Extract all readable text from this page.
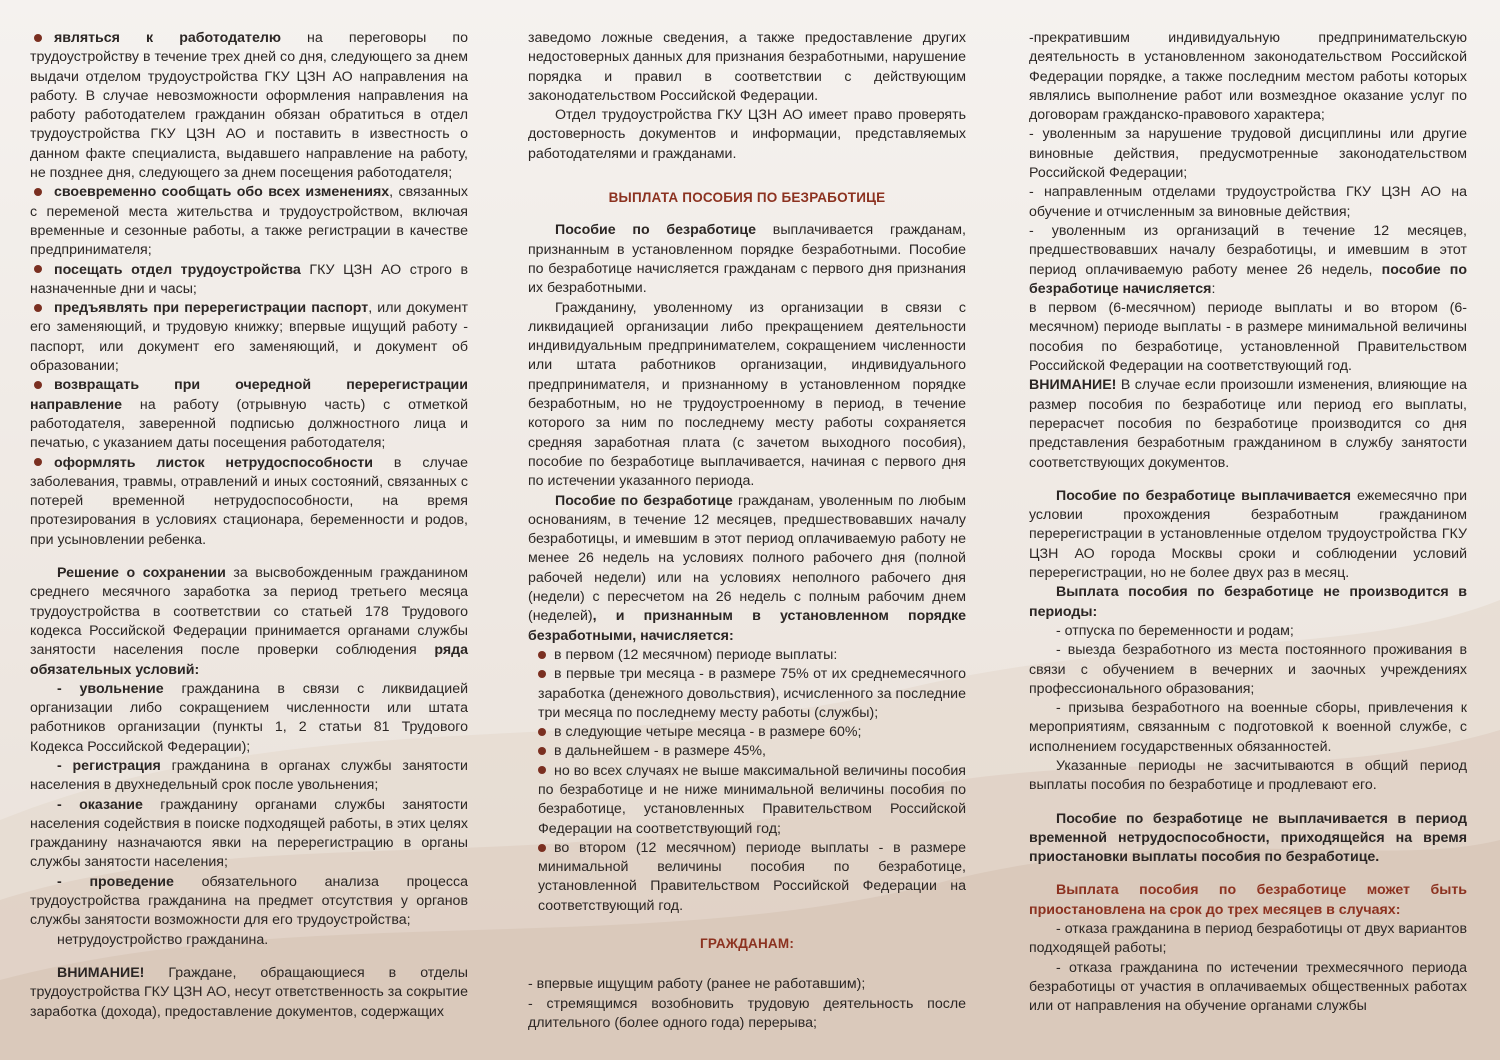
являться к работодателю на переговоры по трудоустройству в течение трех дней со дня, следующего за днем выдачи отделом трудоустройства ГКУ ЦЗН АО направления на работу. В случае невозможности оформления направления на работу работодателем гражданин обязан обратиться в отдел трудоустройства ГКУ ЦЗН АО и поставить в известность о данном факте специалиста, выдавшего направление на работу, не позднее дня, следующего за днем посещения работодателя;

своевременно сообщать обо всех изменениях, связанных с переменой места жительства и трудоустройством, включая временные и сезонные работы, а также регистрации в качестве предпринимателя;

посещать отдел трудоустройства ГКУ ЦЗН АО строго в назначенные дни и часы;

предъявлять при перерегистрации паспорт, или документ его заменяющий, и трудовую книжку; впервые ищущий работу - паспорт, или документ его заменяющий, и документ об образовании;

возвращать при очередной перерегистрации направление на работу (отрывную часть) с отметкой работодателя, заверенной подписью должностного лица и печатью, с указанием даты посещения работодателя;

оформлять листок нетрудоспособности в случае заболевания, травмы, отравлений и иных состояний, связанных с потерей временной нетрудоспособности, на время протезирования в условиях стационара, беременности и родов, при усыновлении ребенка.

Решение о сохранении за высвобожденным гражданином среднего месячного заработка за период третьего месяца трудоустройства в соответствии со статьей 178 Трудового кодекса Российской Федерации принимается органами службы занятости населения после проверки соблюдения ряда обязательных условий:

- увольнение гражданина в связи с ликвидацией организации либо сокращением численности или штата работников организации (пункты 1, 2 статьи 81 Трудового Кодекса Российской Федерации);

- регистрация гражданина в органах службы занятости населения в двухнедельный срок после увольнения;

- оказание гражданину органами службы занятости населения содействия в поиске подходящей работы, в этих целях гражданину назначаются явки на перерегистрацию в органы службы занятости населения;

- проведение обязательного анализа процесса трудоустройства гражданина на предмет отсутствия у органов службы занятости возможности для его трудоустройства;

нетрудоустройство гражданина.

ВНИМАНИЕ! Граждане, обращающиеся в отделы трудоустройства ГКУ ЦЗН АО, несут ответственность за сокрытие заработка (дохода), предоставление документов, содержащих

заведомо ложные сведения, а также предоставление других недостоверных данных для признания безработными, нарушение порядка и правил в соответствии с действующим законодательством Российской Федерации.

Отдел трудоустройства ГКУ ЦЗН АО имеет право проверять достоверность документов и информации, представляемых работодателями и гражданами.

ВЫПЛАТА ПОСОБИЯ ПО БЕЗРАБОТИЦЕ

Пособие по безработице выплачивается гражданам, признанным в установленном порядке безработными. Пособие по безработице начисляется гражданам с первого дня признания их безработными.

Гражданину, уволенному из организации в связи с ликвидацией организации либо прекращением деятельности индивидуальным предпринимателем, сокращением численности или штата работников организации, индивидуального предпринимателя, и признанному в установленном порядке безработным, но не трудоустроенному в период, в течение которого за ним по последнему месту работы сохраняется средняя заработная плата (с зачетом выходного пособия), пособие по безработице выплачивается, начиная с первого дня по истечении указанного периода.

Пособие по безработице гражданам, уволенным по любым основаниям, в течение 12 месяцев, предшествовавших началу безработицы, и имевшим в этот период оплачиваемую работу не менее 26 недель на условиях полного рабочего дня (полной рабочей недели) или на условиях неполного рабочего дня (недели) с пересчетом на 26 недель с полным рабочим днем (неделей), и признанным в установленном порядке безработными, начисляется:

в первом (12 месячном) периоде выплаты:

в первые три месяца - в размере 75% от их среднемесячного заработка (денежного довольствия), исчисленного за последние три месяца по последнему месту работы (службы);

в следующие четыре месяца - в размере 60%;

в дальнейшем - в размере 45%,

но во всех случаях не выше максимальной величины пособия по безработице и не ниже минимальной величины пособия по безработице, установленных Правительством Российской Федерации на соответствующий год;

во втором (12 месячном) периоде выплаты - в размере минимальной величины пособия по безработице, установленной Правительством Российской Федерации на соответствующий год.

ГРАЖДАНАМ:

- впервые ищущим работу (ранее не работавшим);

- стремящимся возобновить трудовую деятельность после длительного (более одного года) перерыва;

-прекратившим индивидуальную предпринимательскую деятельность в установленном законодательством Российской Федерации порядке, а также последним местом работы которых являлись выполнение работ или возмездное оказание услуг по договорам гражданско-правового характера;

- уволенным за нарушение трудовой дисциплины или другие виновные действия, предусмотренные законодательством Российской Федерации;

- направленным отделами трудоустройства ГКУ ЦЗН АО на обучение и отчисленным за виновные действия;

- уволенным из организаций в течение 12 месяцев, предшествовавших началу безработицы, и имевшим в этот период оплачиваемую работу менее 26 недель, пособие по безработице начисляется:

в первом (6-месячном) периоде выплаты и во втором (6-месячном) периоде выплаты - в размере минимальной величины пособия по безработице, установленной Правительством Российской Федерации на соответствующий год.

ВНИМАНИЕ! В случае если произошли изменения, влияющие на размер пособия по безработице или период его выплаты, перерасчет пособия по безработице производится со дня представления безработным гражданином в службу занятости соответствующих документов.

Пособие по безработице выплачивается ежемесячно при условии прохождения безработным гражданином перерегистрации в установленные отделом трудоустройства ГКУ ЦЗН АО города Москвы сроки и соблюдении условий перерегистрации, но не более двух раз в месяц.

Выплата пособия по безработице не производится в периоды:

- отпуска по беременности и родам;

- выезда безработного из места постоянного проживания в связи с обучением в вечерних и заочных учреждениях профессионального образования;

- призыва безработного на военные сборы, привлечения к мероприятиям, связанным с подготовкой к военной службе, с исполнением государственных обязанностей.

Указанные периоды не засчитываются в общий период выплаты пособия по безработице и продлевают его.

Пособие по безработице не выплачивается в период временной нетрудоспособности, приходящейся на время приостановки выплаты пособия по безработице.

Выплата пособия по безработице может быть приостановлена на срок до трех месяцев в случаях:

- отказа гражданина в период безработицы от двух вариантов подходящей работы;

- отказа гражданина по истечении трехмесячного периода безработицы от участия в оплачиваемых общественных работах или от направления на обучение органами службы
